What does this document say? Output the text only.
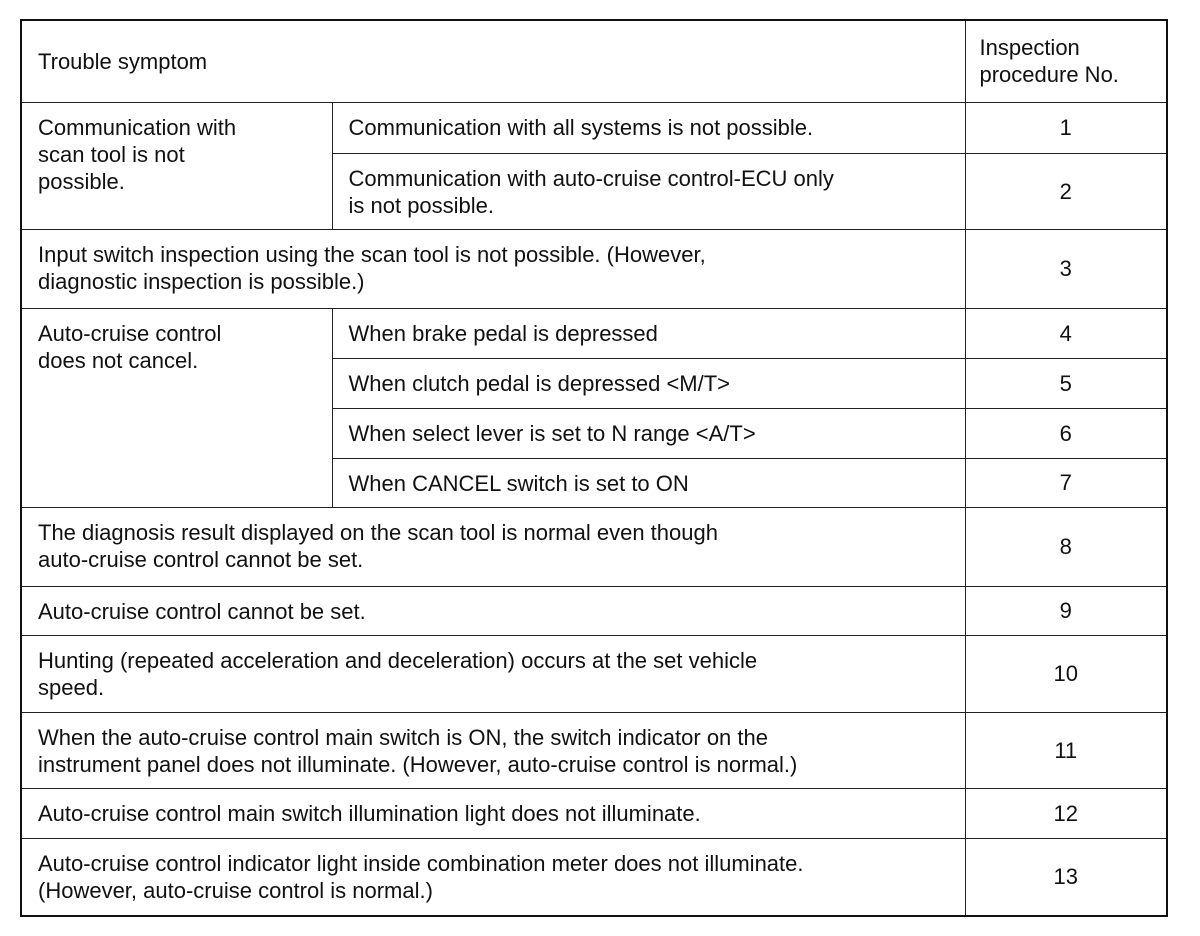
Trouble symptom		Inspection
procedure No.

Communication with
scan tool is not
possible.	Communication with all systems is not possible.	1

	Communication with auto-cruise control-ECU only
is not possible.	2

Input switch inspection using the scan tool is not possible. (However,
diagnostic inspection is possible.)		3

Auto-cruise control
does not cancel.	When brake pedal is depressed	4

	When clutch pedal is depressed <M/T>	5

	When select lever is set to N range <A/T>	6

	When CANCEL switch is set to ON	7

The diagnosis result displayed on the scan tool is normal even though
auto-cruise control cannot be set.		8

Auto-cruise control cannot be set.		9

Hunting (repeated acceleration and deceleration) occurs at the set vehicle
speed.		10

When the auto-cruise control main switch is ON, the switch indicator on the
instrument panel does not illuminate. (However, auto-cruise control is normal.)		11

Auto-cruise control main switch illumination light does not illuminate.		12

Auto-cruise control indicator light inside combination meter does not illuminate.
(However, auto-cruise control is normal.)		13
